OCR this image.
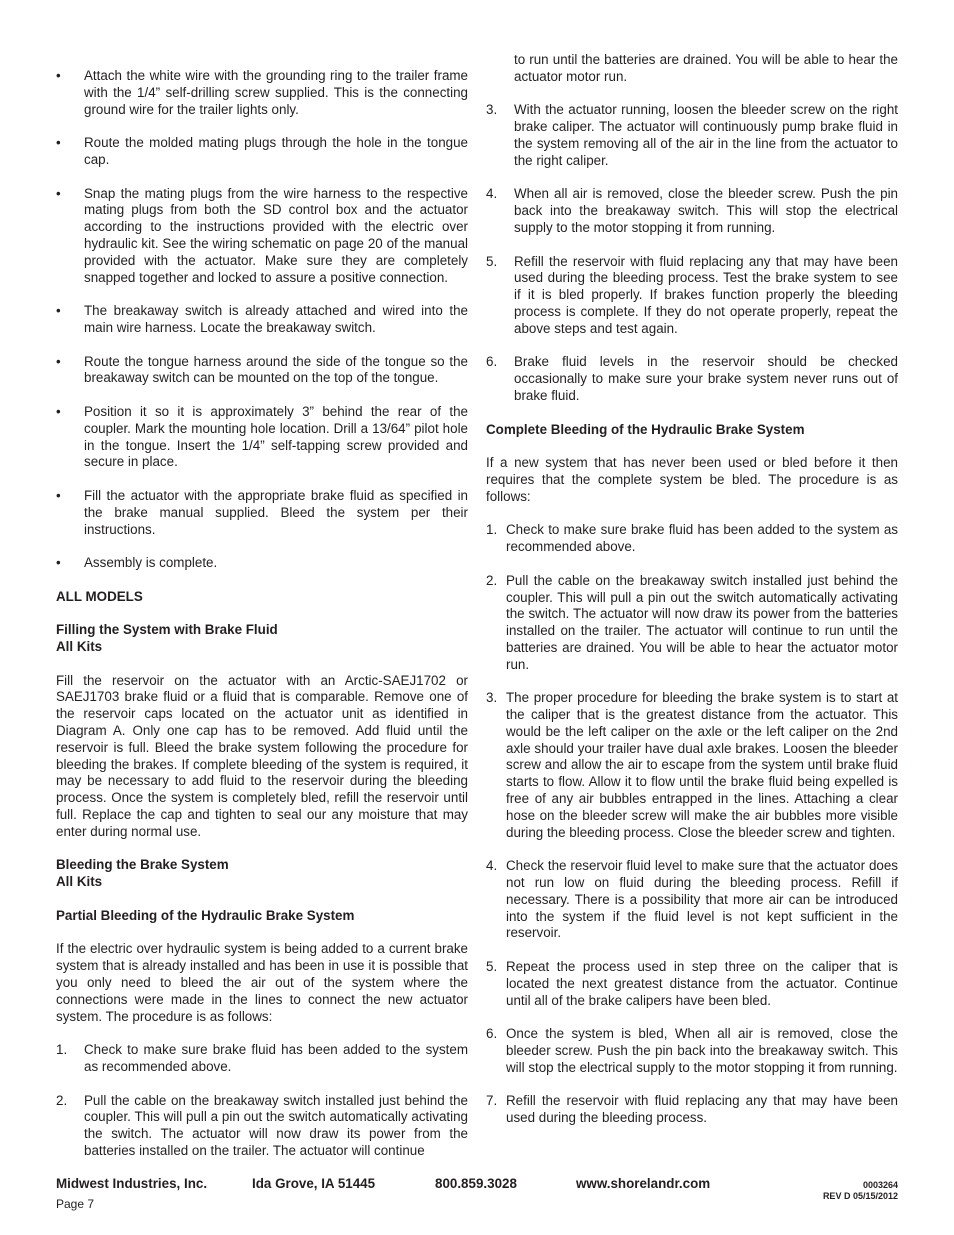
•	Attach the white wire with the grounding ring to the trailer frame with the 1/4” self-drilling screw supplied. This is the connecting ground wire for the trailer lights only.
•	Route the molded mating plugs through the hole in the tongue cap.
•	Snap the mating plugs from the wire harness to the respective mating plugs from both the SD control box and the actuator according to the instructions provided with the electric over hydraulic kit. See the wiring schematic on page 20 of the manual provided with the actuator. Make sure they are completely snapped together and locked to assure a positive connection.
•	The breakaway switch is already attached and wired into the main wire harness. Locate the breakaway switch.
•	Route the tongue harness around the side of the tongue so the breakaway switch can be mounted on the top of the tongue.
•	Position it so it is approximately 3” behind the rear of the coupler. Mark the mounting hole location. Drill a 13/64” pilot hole in the tongue. Insert the 1/4” self-tapping screw provided and secure in place.
•	Fill the actuator with the appropriate brake fluid as specified in the brake manual supplied. Bleed the system per their instructions.
•	Assembly is complete.
ALL MODELS
Filling the System with Brake Fluid
All Kits

Fill the reservoir on the actuator with an Arctic-SAEJ1702 or SAEJ1703 brake fluid or a fluid that is comparable. Remove one of the reservoir caps located on the actuator unit as identified in Diagram A. Only one cap has to be removed. Add fluid until the reservoir is full. Bleed the brake system following the procedure for bleeding the brakes. If complete bleeding of the system is required, it may be necessary to add fluid to the reservoir during the bleeding process. Once the system is completely bled, refill the reservoir until full. Replace the cap and tighten to seal our any moisture that may enter during normal use.

Bleeding the Brake System
All Kits
Partial Bleeding of the Hydraulic Brake System

If the electric over hydraulic system is being added to a current brake system that is already installed and has been in use it is possible that you only need to bleed the air out of the system where the connections were made in the lines to connect the new actuator system. The procedure is as follows:

1.	Check to make sure brake fluid has been added to the system as recommended above.
2.	Pull the cable on the breakaway switch installed just behind the coupler. This will pull a pin out the switch automatically activating the switch. The actuator will now draw its power from the batteries installed on the trailer. The actuator will continue
to run until the batteries are drained. You will be able to hear the actuator motor run.
3.	With the actuator running, loosen the bleeder screw on the right brake caliper. The actuator will continuously pump brake fluid in the system removing all of the air in the line from the actuator to the right caliper.
4.	When all air is removed, close the bleeder screw. Push the pin back into the breakaway switch. This will stop the electrical supply to the motor stopping it from running.
5.	Refill the reservoir with fluid replacing any that may have been used during the bleeding process. Test the brake system to see if it is bled properly. If brakes function properly the bleeding process is complete. If they do not operate properly, repeat the above steps and test again.
6.	Brake fluid levels in the reservoir should be checked occasionally to make sure your brake system never runs out of brake fluid.
Complete Bleeding of the Hydraulic Brake System

If a new system that has never been used or bled before it then requires that the complete system be bled. The procedure is as follows:

1. Check to make sure brake fluid has been added to the system as recommended above.
2. Pull the cable on the breakaway switch installed just behind the coupler. This will pull a pin out the switch automatically activating the switch. The actuator will now draw its power from the batteries installed on the trailer. The actuator will continue to run until the batteries are drained. You will be able to hear the actuator motor run.
3. The proper procedure for bleeding the brake system is to start at the caliper that is the greatest distance from the actuator. This would be the left caliper on the axle or the left caliper on the 2nd axle should your trailer have dual axle brakes. Loosen the bleeder screw and allow the air to escape from the system until brake fluid starts to flow. Allow it to flow until the brake fluid being expelled is free of any air bubbles entrapped in the lines. Attaching a clear hose on the bleeder screw will make the air bubbles more visible during the bleeding process. Close the bleeder screw and tighten.
4. Check the reservoir fluid level to make sure that the actuator does not run low on fluid during the bleeding process. Refill if necessary. There is a possibility that more air can be introduced into the system if the fluid level is not kept sufficient in the reservoir.
5. Repeat the process used in step three on the caliper that is located the next greatest distance from the actuator. Continue until all of the brake calipers have been bled.
6. Once the system is bled, When all air is removed, close the bleeder screw. Push the pin back into the breakaway switch. This will stop the electrical supply to the motor stopping it from running.
7. Refill the reservoir with fluid replacing any that may have been used during the bleeding process.
Midwest Industries, Inc.	Ida Grove, IA 51445	800.859.3028	www.shorelandr.com
Page 7
0003264
REV D 05/15/2012
